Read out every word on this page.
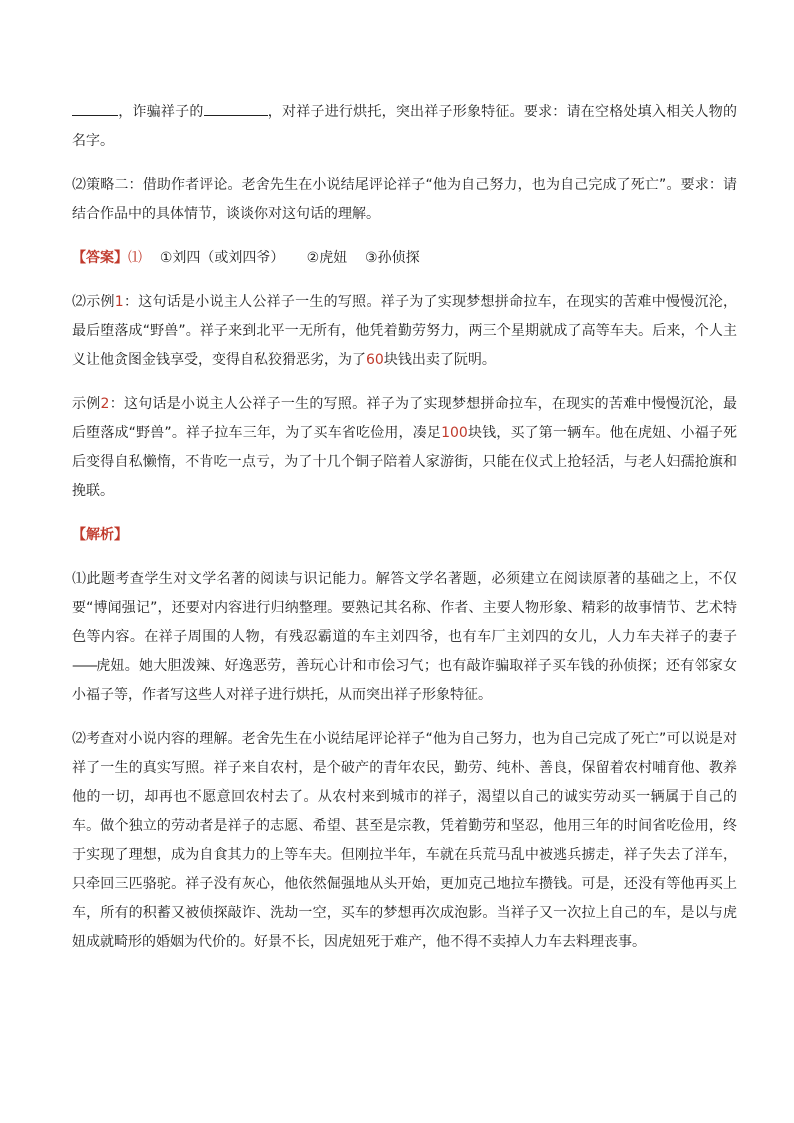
，诈骗祥子的	，对祥子进行烘托，突出祥子形象特征。要求：请在空格处填入相关人物的名字。

⑵策略二：借助作者评论。老舍先生在小说结尾评论祥子“他为自己努力，也为自己完成了死亡”。要求：请结合作品中的具体情节，谈谈你对这句话的理解。

【答案】⑴ ①刘四（或刘四爷） ②虎妞 ③孙侦探

⑵示例1：这句话是小说主人公祥子一生的写照。祥子为了实现梦想拼命拉车，在现实的苦难中慢慢沉沦，最后堕落成“野兽”。祥子来到北平一无所有，他凭着勤劳努力，两三个星期就成了高等车夫。后来，个人主义让他贪图金钱享受，变得自私狡猾恶劣，为了60块钱出卖了阮明。

示例2：这句话是小说主人公祥子一生的写照。祥子为了实现梦想拼命拉车，在现实的苦难中慢慢沉沦，最后堕落成“野兽”。祥子拉车三年，为了买车省吃俭用，凑足100块钱，买了第一辆车。他在虎妞、小福子死后变得自私懒惰，不肯吃一点亏，为了十几个铜子陪着人家游街，只能在仪式上抢轻活，与老人妇孺抢旗和挽联。

【解析】

⑴此题考查学生对文学名著的阅读与识记能力。解答文学名著题，必须建立在阅读原著的基础之上，不仅要“博闻强记”，还要对内容进行归纳整理。要熟记其名称、作者、主要人物形象、精彩的故事情节、艺术特色等内容。在祥子周围的人物，有残忍霸道的车主刘四爷，也有车厂主刘四的女儿，人力车夫祥子的妻子——虎妞。她大胆泼辣、好逸恶劳，善玩心计和市侩习气；也有敲诈骗取祥子买车钱的孙侦探；还有邻家女小福子等，作者写这些人对祥子进行烘托，从而突出祥子形象特征。

⑵考查对小说内容的理解。老舍先生在小说结尾评论祥子“他为自己努力，也为自己完成了死亡”可以说是对祥了一生的真实写照。祥子来自农村，是个破产的青年农民，勤劳、纯朴、善良，保留着农村哺育他、教养他的一切，却再也不愿意回农村去了。从农村来到城市的祥子，渴望以自己的诚实劳动买一辆属于自己的车。做个独立的劳动者是祥子的志愿、希望、甚至是宗教，凭着勤劳和坚忍，他用三年的时间省吃俭用，终于实现了理想，成为自食其力的上等车夫。但刚拉半年，车就在兵荒马乱中被逃兵掳走，祥子失去了洋车，只牵回三匹骆驼。祥子没有灰心，他依然倔强地从头开始，更加克己地拉车攒钱。可是，还没有等他再买上车，所有的积蓄又被侦探敲诈、洗劫一空，买车的梦想再次成泡影。当祥子又一次拉上自己的车，是以与虎妞成就畸形的婚姻为代价的。好景不长，因虎妞死于难产，他不得不卖掉人力车去料理丧事。
